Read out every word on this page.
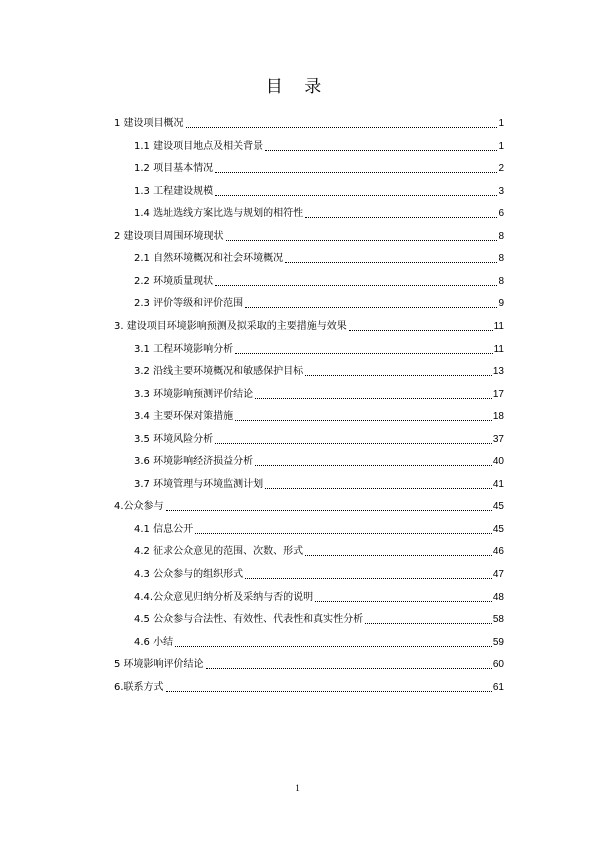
目 录
1 建设项目概况	1
1.1 建设项目地点及相关背景	1
1.2 项目基本情况	2
1.3 工程建设规模	3
1.4 选址选线方案比选与规划的相符性	6
2 建设项目周围环境现状	8
2.1 自然环境概况和社会环境概况	8
2.2 环境质量现状	8
2.3 评价等级和评价范围	9
3. 建设项目环境影响预测及拟采取的主要措施与效果	11
3.1 工程环境影响分析	11
3.2 沿线主要环境概况和敏感保护目标	13
3.3 环境影响预测评价结论	17
3.4 主要环保对策措施	18
3.5 环境风险分析	37
3.6 环境影响经济损益分析	40
3.7 环境管理与环境监测计划	41
4.公众参与	45
4.1 信息公开	45
4.2 征求公众意见的范围、次数、形式	46
4.3 公众参与的组织形式	47
4.4.公众意见归纳分析及采纳与否的说明	48
4.5 公众参与合法性、有效性、代表性和真实性分析	58
4.6 小结	59
5 环境影响评价结论	60
6.联系方式	61
1
